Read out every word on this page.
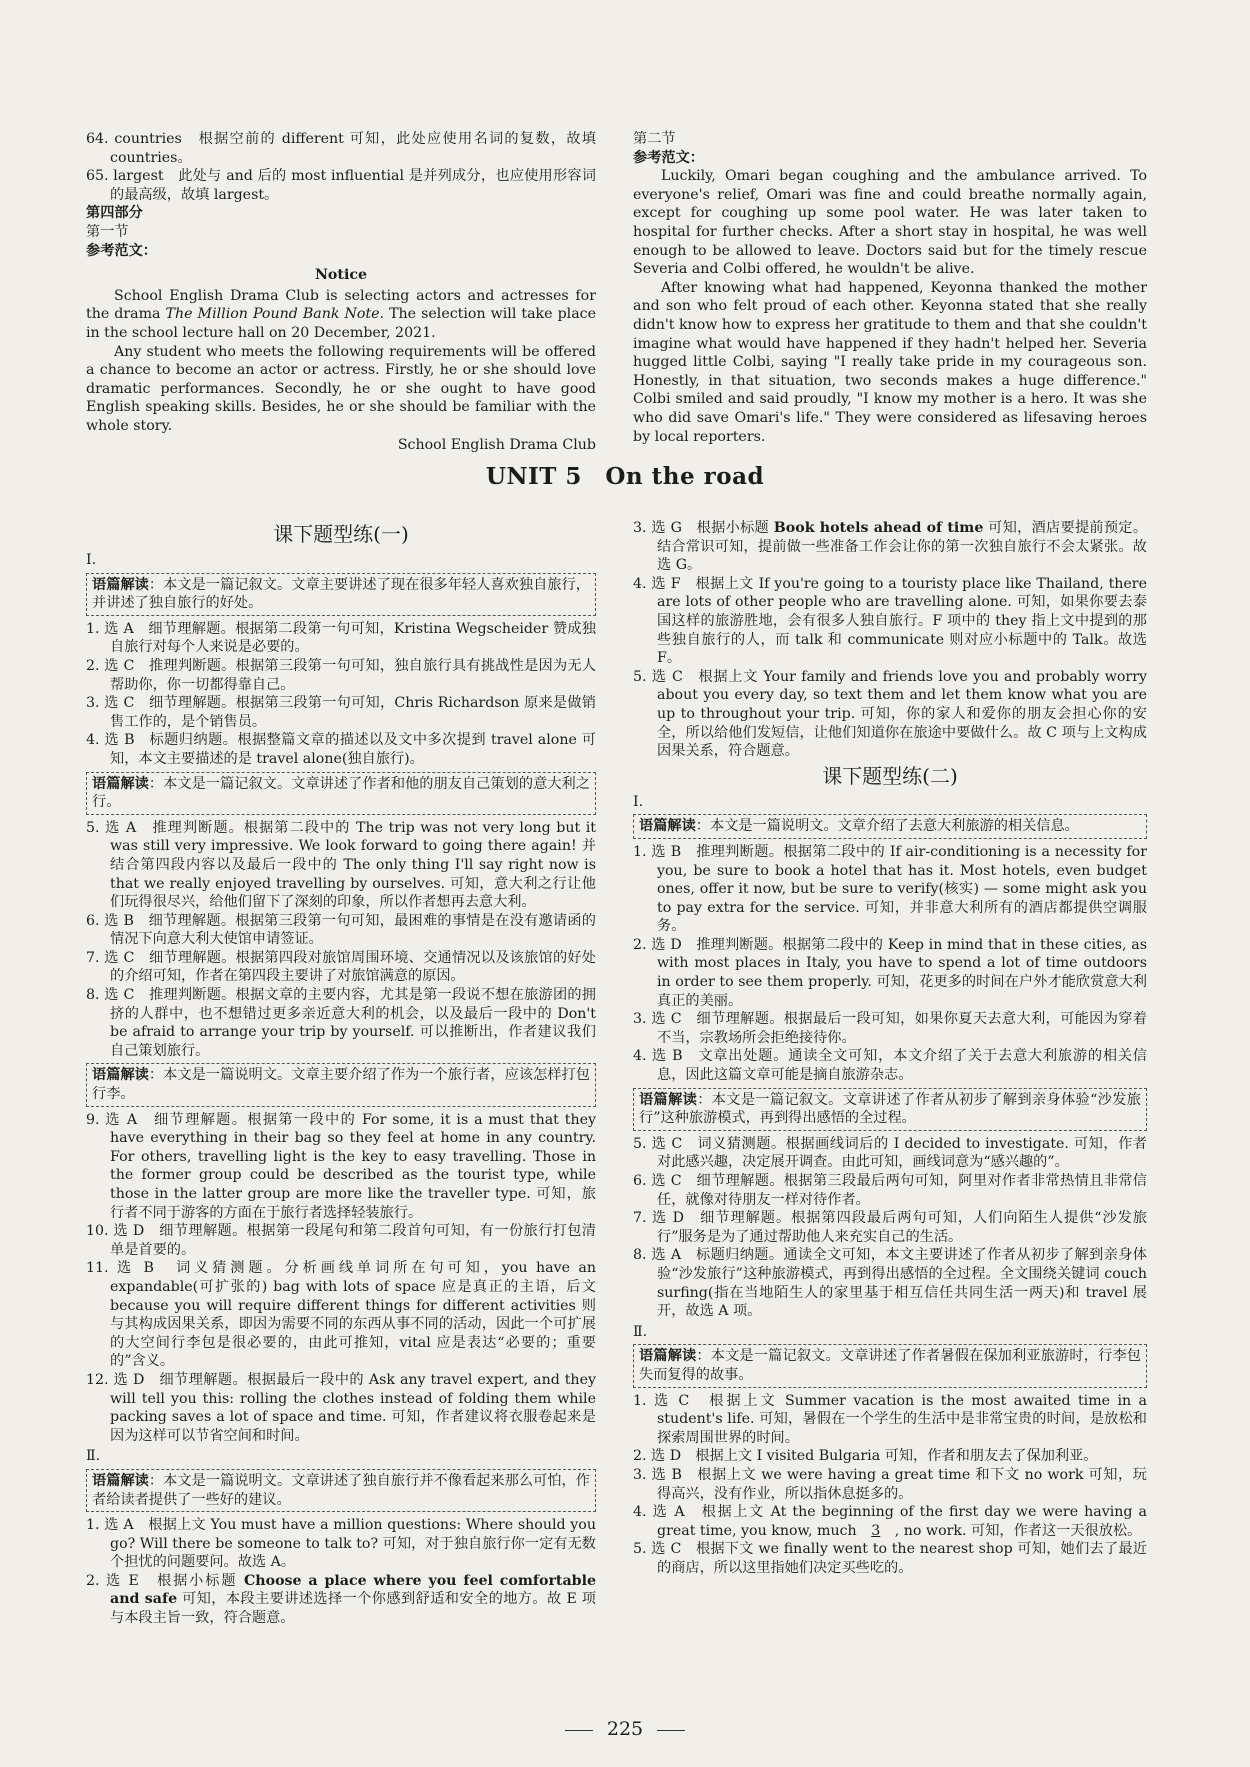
64. countries　根据空前的 different 可知，此处应使用名词的复数，故填 countries。

65. largest　此处与 and 后的 most influential 是并列成分，也应使用形容词的最高级，故填 largest。

第四部分

第一节

参考范文：

Notice

School English Drama Club is selecting actors and actresses for the drama The Million Pound Bank Note. The selection will take place in the school lecture hall on 20 December, 2021.

Any student who meets the following requirements will be offered a chance to become an actor or actress. Firstly, he or she should love dramatic performances. Secondly, he or she ought to have good English speaking skills. Besides, he or she should be familiar with the whole story.

School English Drama Club

第二节

参考范文：

Luckily, Omari began coughing and the ambulance arrived. To everyone's relief, Omari was fine and could breathe normally again, except for coughing up some pool water. He was later taken to hospital for further checks. After a short stay in hospital, he was well enough to be allowed to leave. Doctors said but for the timely rescue Severia and Colbi offered, he wouldn't be alive.

After knowing what had happened, Keyonna thanked the mother and son who felt proud of each other. Keyonna stated that she really didn't know how to express her gratitude to them and that she couldn't imagine what would have happened if they hadn't helped her. Severia hugged little Colbi, saying "I really take pride in my courageous son. Honestly, in that situation, two seconds makes a huge difference." Colbi smiled and said proudly, "I know my mother is a hero. It was she who did save Omari's life." They were considered as lifesaving heroes by local reporters.

UNIT 5　On the road

课下题型练(一)

Ⅰ.

语篇解读：本文是一篇记叙文。文章主要讲述了现在很多年轻人喜欢独自旅行，并讲述了独自旅行的好处。

1. 选 A　细节理解题。根据第二段第一句可知，Kristina Wegscheider 赞成独自旅行对每个人来说是必要的。

2. 选 C　推理判断题。根据第三段第一句可知，独自旅行具有挑战性是因为无人帮助你，你一切都得靠自己。

3. 选 C　细节理解题。根据第三段第一句可知，Chris Richardson 原来是做销售工作的，是个销售员。

4. 选 B　标题归纳题。根据整篇文章的描述以及文中多次提到 travel alone 可知，本文主要描述的是 travel alone(独自旅行)。

语篇解读：本文是一篇记叙文。文章讲述了作者和他的朋友自己策划的意大利之行。

5. 选 A　推理判断题。根据第二段中的 The trip was not very long but it was still very impressive. We look forward to going there again! 并结合第四段内容以及最后一段中的 The only thing I'll say right now is that we really enjoyed travelling by ourselves. 可知，意大利之行让他们玩得很尽兴，给他们留下了深刻的印象，所以作者想再去意大利。

6. 选 B　细节理解题。根据第三段第一句可知，最困难的事情是在没有邀请函的情况下向意大利大使馆申请签证。

7. 选 C　细节理解题。根据第四段对旅馆周围环境、交通情况以及该旅馆的好处的介绍可知，作者在第四段主要讲了对旅馆满意的原因。

8. 选 C　推理判断题。根据文章的主要内容，尤其是第一段说不想在旅游团的拥挤的人群中，也不想错过更多亲近意大利的机会，以及最后一段中的 Don't be afraid to arrange your trip by yourself. 可以推断出，作者建议我们自己策划旅行。

语篇解读：本文是一篇说明文。文章主要介绍了作为一个旅行者，应该怎样打包行李。

9. 选 A　细节理解题。根据第一段中的 For some, it is a must that they have everything in their bag so they feel at home in any country. For others, travelling light is the key to easy travelling. Those in the former group could be described as the tourist type, while those in the latter group are more like the traveller type. 可知，旅行者不同于游客的方面在于旅行者选择轻装旅行。

10. 选 D　细节理解题。根据第一段尾句和第二段首句可知，有一份旅行打包清单是首要的。

11. 选 B　词义猜测题。分析画线单词所在句可知，you have an expandable(可扩张的) bag with lots of space 应是真正的主语，后文 because you will require different things for different activities 则与其构成因果关系，即因为需要不同的东西从事不同的活动，因此一个可扩展的大空间行李包是很必要的，由此可推知，vital 应是表达“必要的；重要的”含义。

12. 选 D　细节理解题。根据最后一段中的 Ask any travel expert, and they will tell you this: rolling the clothes instead of folding them while packing saves a lot of space and time. 可知，作者建议将衣服卷起来是因为这样可以节省空间和时间。

Ⅱ.

语篇解读：本文是一篇说明文。文章讲述了独自旅行并不像看起来那么可怕，作者给读者提供了一些好的建议。

1. 选 A　根据上文 You must have a million questions: Where should you go? Will there be someone to talk to? 可知，对于独自旅行你一定有无数个担忧的问题要问。故选 A。

2. 选 E　根据小标题 Choose a place where you feel comfortable and safe 可知，本段主要讲述选择一个你感到舒适和安全的地方。故 E 项与本段主旨一致，符合题意。

3. 选 G　根据小标题 Book hotels ahead of time 可知，酒店要提前预定。结合常识可知，提前做一些准备工作会让你的第一次独自旅行不会太紧张。故选 G。

4. 选 F　根据上文 If you're going to a touristy place like Thailand, there are lots of other people who are travelling alone. 可知，如果你要去泰国这样的旅游胜地，会有很多人独自旅行。F 项中的 they 指上文中提到的那些独自旅行的人，而 talk 和 communicate 则对应小标题中的 Talk。故选 F。

5. 选 C　根据上文 Your family and friends love you and probably worry about you every day, so text them and let them know what you are up to throughout your trip. 可知，你的家人和爱你的朋友会担心你的安全，所以给他们发短信，让他们知道你在旅途中要做什么。故 C 项与上文构成因果关系，符合题意。

课下题型练(二)

Ⅰ.

语篇解读：本文是一篇说明文。文章介绍了去意大利旅游的相关信息。

1. 选 B　推理判断题。根据第二段中的 If air-conditioning is a necessity for you, be sure to book a hotel that has it. Most hotels, even budget ones, offer it now, but be sure to verify(核实) — some might ask you to pay extra for the service. 可知，并非意大利所有的酒店都提供空调服务。

2. 选 D　推理判断题。根据第二段中的 Keep in mind that in these cities, as with most places in Italy, you have to spend a lot of time outdoors in order to see them properly. 可知，花更多的时间在户外才能欣赏意大利真正的美丽。

3. 选 C　细节理解题。根据最后一段可知，如果你夏天去意大利，可能因为穿着不当，宗教场所会拒绝接待你。

4. 选 B　文章出处题。通读全文可知，本文介绍了关于去意大利旅游的相关信息，因此这篇文章可能是摘自旅游杂志。

语篇解读：本文是一篇记叙文。文章讲述了作者从初步了解到亲身体验“沙发旅行”这种旅游模式，再到得出感悟的全过程。

5. 选 C　词义猜测题。根据画线词后的 I decided to investigate. 可知，作者对此感兴趣，决定展开调查。由此可知，画线词意为“感兴趣的”。

6. 选 C　细节理解题。根据第三段最后两句可知，阿里对作者非常热情且非常信任，就像对待朋友一样对待作者。

7. 选 D　细节理解题。根据第四段最后两句可知，人们向陌生人提供“沙发旅行”服务是为了通过帮助他人来充实自己的生活。

8. 选 A　标题归纳题。通读全文可知，本文主要讲述了作者从初步了解到亲身体验“沙发旅行”这种旅游模式，再到得出感悟的全过程。全文围绕关键词 couch surfing(指在当地陌生人的家里基于相互信任共同生活一两天)和 travel 展开，故选 A 项。

Ⅱ.

语篇解读：本文是一篇记叙文。文章讲述了作者暑假在保加利亚旅游时，行李包失而复得的故事。

1. 选 C　根据上文 Summer vacation is the most awaited time in a student's life. 可知，暑假在一个学生的生活中是非常宝贵的时间，是放松和探索周围世界的时间。

2. 选 D　根据上文 I visited Bulgaria 可知，作者和朋友去了保加利亚。

3. 选 B　根据上文 we were having a great time 和下文 no work 可知，玩得高兴，没有作业，所以指休息挺多的。

4. 选 A　根据上文 At the beginning of the first day we were having a great time, you know, much 3 , no work. 可知，作者这一天很放松。

5. 选 C　根据下文 we finally went to the nearest shop 可知，她们去了最近的商店，所以这里指她们决定买些吃的。

225
